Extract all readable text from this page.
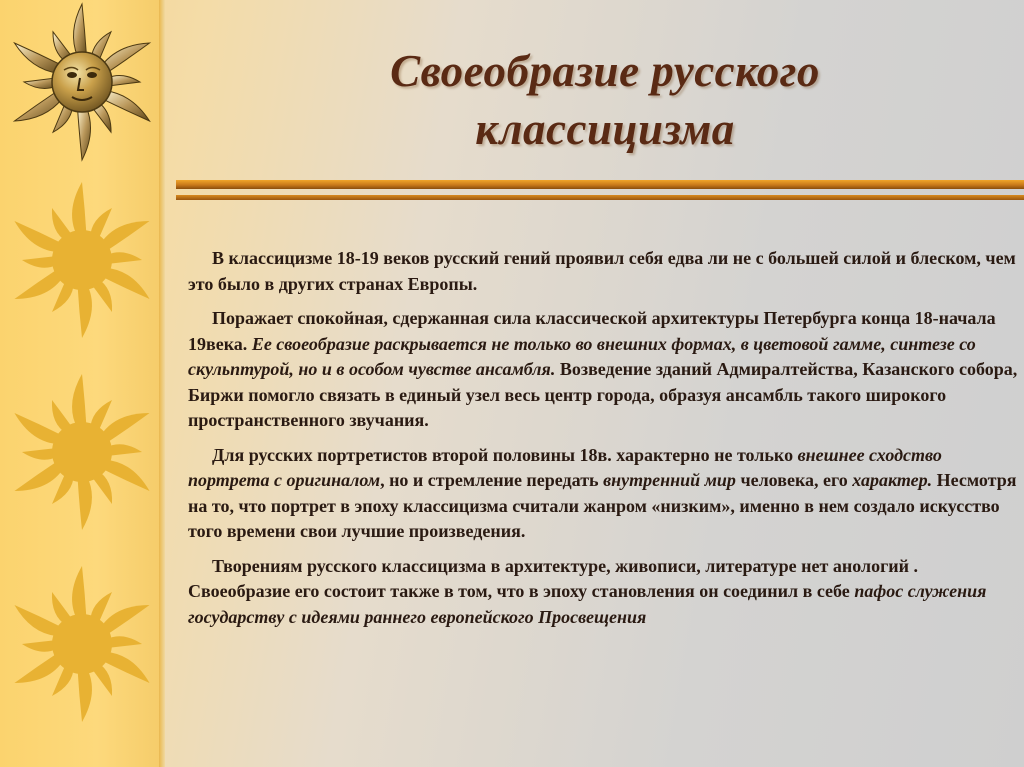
Своеобразие русского
классицизма

В классицизме 18-19 веков русский гений проявил себя едва ли не с большей силой и блеском, чем это было в других странах Европы.

Поражает спокойная, сдержанная сила классической архитектуры Петербурга конца 18-начала 19века. Ее своеобразие раскрывается не только во внешних формах, в цветовой гамме, синтезе со скульптурой, но и в особом чувстве ансамбля. Возведение зданий Адмиралтейства, Казанского собора, Биржи помогло связать в единый узел весь центр города, образуя ансамбль такого широкого пространственного звучания.

Для русских портретистов второй половины 18в. характерно не только внешнее сходство портрета с оригиналом, но и стремление передать внутренний мир человека, его характер. Несмотря на то, что портрет в эпоху классицизма считали жанром «низким», именно в нем создало искусство того времени свои лучшие произведения.

Творениям русского классицизма в архитектуре, живописи, литературе нет анологий . Своеобразие его состоит также в том, что в эпоху становления он соединил в себе пафос служения государству с идеями раннего европейского Просвещения
